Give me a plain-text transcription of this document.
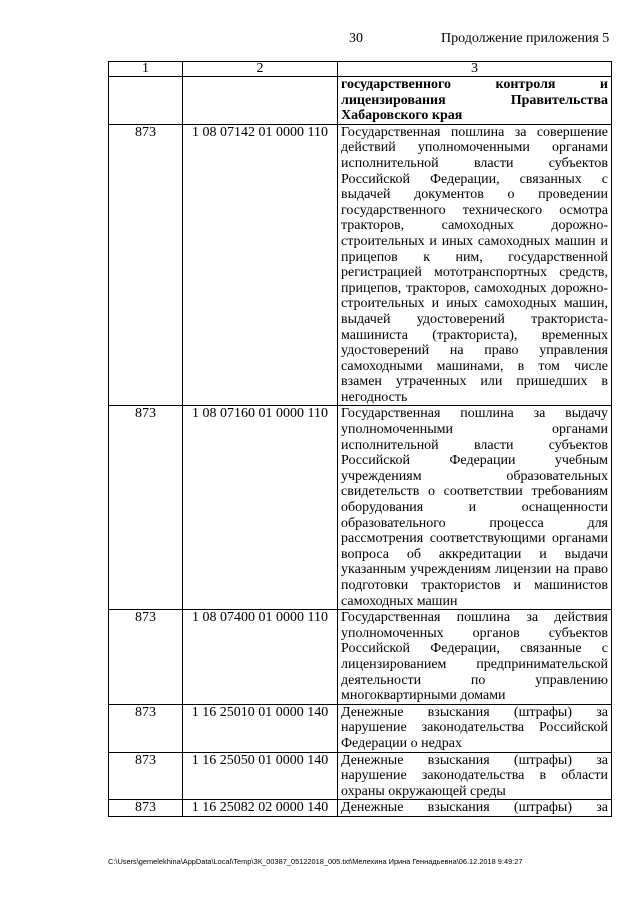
30	Продолжение приложения 5
1	2	3
		государственного контроля и лицензирования Правительства Хабаровского края
873	1 08 07142 01 0000 110	Государственная пошлина за совершение действий уполномоченными органами исполнительной власти субъектов Российской Федерации, связанных с выдачей документов о проведении государственного технического осмотра тракторов, самоходных дорожно-строительных и иных самоходных машин и прицепов к ним, государственной регистрацией мототранспортных средств, прицепов, тракторов, самоходных дорожно-строительных и иных самоходных машин, выдачей удостоверений тракториста-машиниста (тракториста), временных удостоверений на право управления самоходными машинами, в том числе взамен утраченных или пришедших в негодность
873	1 08 07160 01 0000 110	Государственная пошлина за выдачу уполномоченными органами исполнительной власти субъектов Российской Федерации учебным учреждениям образовательных свидетельств о соответствии требованиям оборудования и оснащенности образовательного процесса для рассмотрения соответствующими органами вопроса об аккредитации и выдачи указанным учреждениям лицензии на право подготовки трактористов и машинистов самоходных машин
873	1 08 07400 01 0000 110	Государственная пошлина за действия уполномоченных органов субъектов Российской Федерации, связанные с лицензированием предпринимательской деятельности по управлению многоквартирными домами
873	1 16 25010 01 0000 140	Денежные взыскания (штрафы) за нарушение законодательства Российской Федерации о недрах
873	1 16 25050 01 0000 140	Денежные взыскания (штрафы) за нарушение законодательства в области охраны окружающей среды
873	1 16 25082 02 0000 140	Денежные взыскания (штрафы) за
C:\Users\gemelekhina\AppData\Local\Temp\ЗК_00387_05122018_005.txt\Мелехина Ирина Геннадьевна\06.12.2018 9:49:27
